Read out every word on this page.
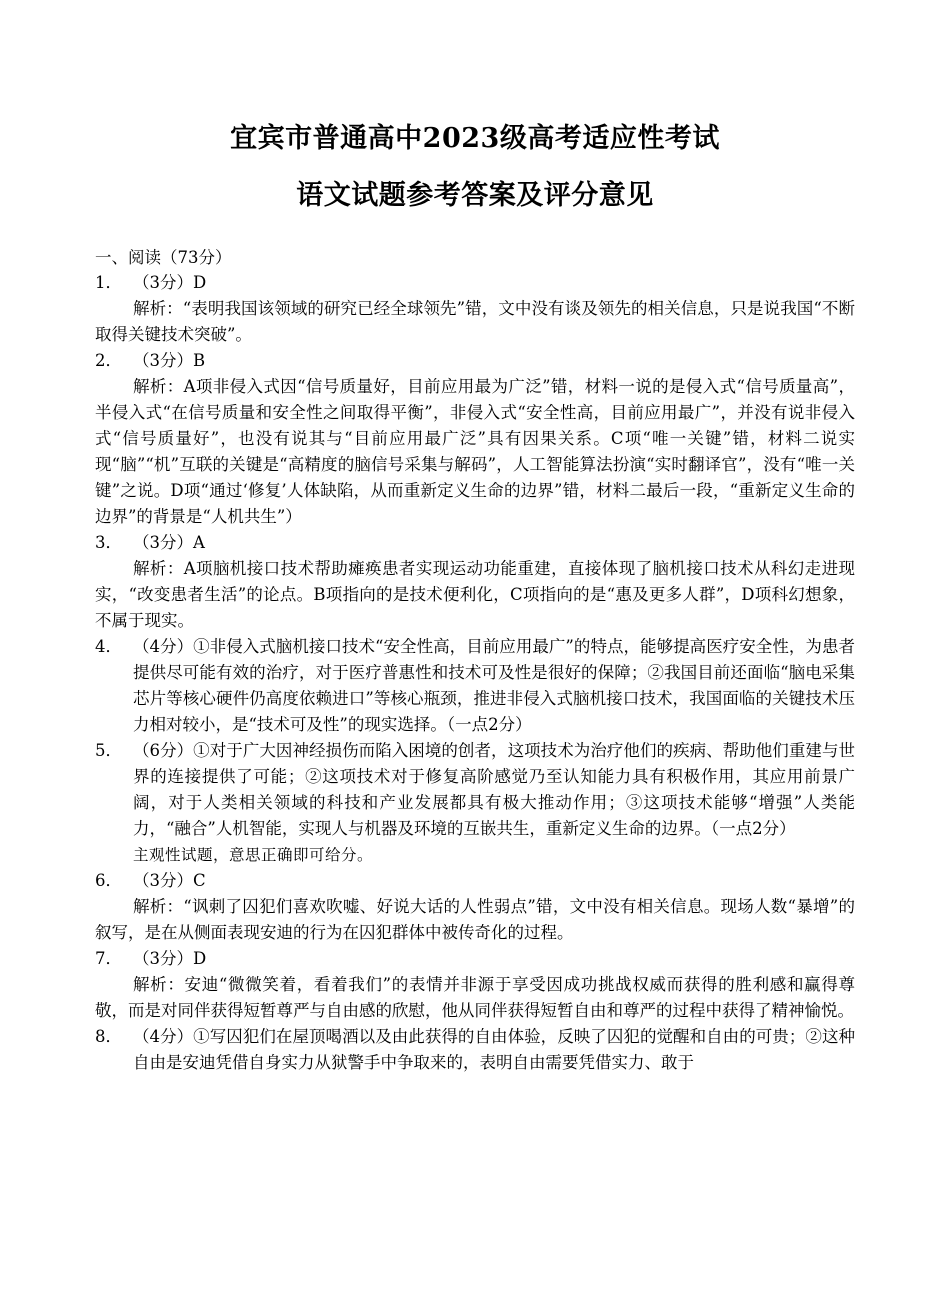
宜宾市普通高中2023级高考适应性考试
语文试题参考答案及评分意见
一、阅读（73分）

1． （3分）D

解析：“表明我国该领域的研究已经全球领先”错，文中没有谈及领先的相关信息，只是说我国“不断取得关键技术突破”。

2． （3分）B

解析：A项非侵入式因“信号质量好，目前应用最为广泛”错，材料一说的是侵入式“信号质量高”，半侵入式“在信号质量和安全性之间取得平衡”，非侵入式“安全性高，目前应用最广”，并没有说非侵入式“信号质量好”，也没有说其与“目前应用最广泛”具有因果关系。C项“唯一关键”错，材料二说实现“脑”“机”互联的关键是“高精度的脑信号采集与解码”，人工智能算法扮演“实时翻译官”，没有“唯一关键”之说。D项“通过‘修复’人体缺陷，从而重新定义生命的边界”错，材料二最后一段，“重新定义生命的边界”的背景是“人机共生”）

3． （3分）A

解析：A项脑机接口技术帮助瘫痪患者实现运动功能重建，直接体现了脑机接口技术从科幻走进现实，“改变患者生活”的论点。B项指向的是技术便利化，C项指向的是“惠及更多人群”，D项科幻想象，不属于现实。

4． （4分）①非侵入式脑机接口技术“安全性高，目前应用最广”的特点，能够提高医疗安全性，为患者提供尽可能有效的治疗，对于医疗普惠性和技术可及性是很好的保障；②我国目前还面临“脑电采集芯片等核心硬件仍高度依赖进口”等核心瓶颈，推进非侵入式脑机接口技术，我国面临的关键技术压力相对较小，是“技术可及性”的现实选择。（一点2分）

5． （6分）①对于广大因神经损伤而陷入困境的创者，这项技术为治疗他们的疾病、帮助他们重建与世界的连接提供了可能；②这项技术对于修复高阶感觉乃至认知能力具有积极作用，其应用前景广阔，对于人类相关领域的科技和产业发展都具有极大推动作用；③这项技术能够“增强”人类能力，“融合”人机智能，实现人与机器及环境的互嵌共生，重新定义生命的边界。（一点2分）

主观性试题，意思正确即可给分。

6． （3分）C

解析：“讽刺了囚犯们喜欢吹嘘、好说大话的人性弱点”错，文中没有相关信息。现场人数“暴增”的叙写，是在从侧面表现安迪的行为在囚犯群体中被传奇化的过程。

7． （3分）D

解析：安迪“微微笑着，看着我们”的表情并非源于享受因成功挑战权威而获得的胜利感和赢得尊敬，而是对同伴获得短暂尊严与自由感的欣慰，他从同伴获得短暂自由和尊严的过程中获得了精神愉悦。

8． （4分）①写囚犯们在屋顶喝酒以及由此获得的自由体验，反映了囚犯的觉醒和自由的可贵；②这种自由是安迪凭借自身实力从狱警手中争取来的，表明自由需要凭借实力、敢于
